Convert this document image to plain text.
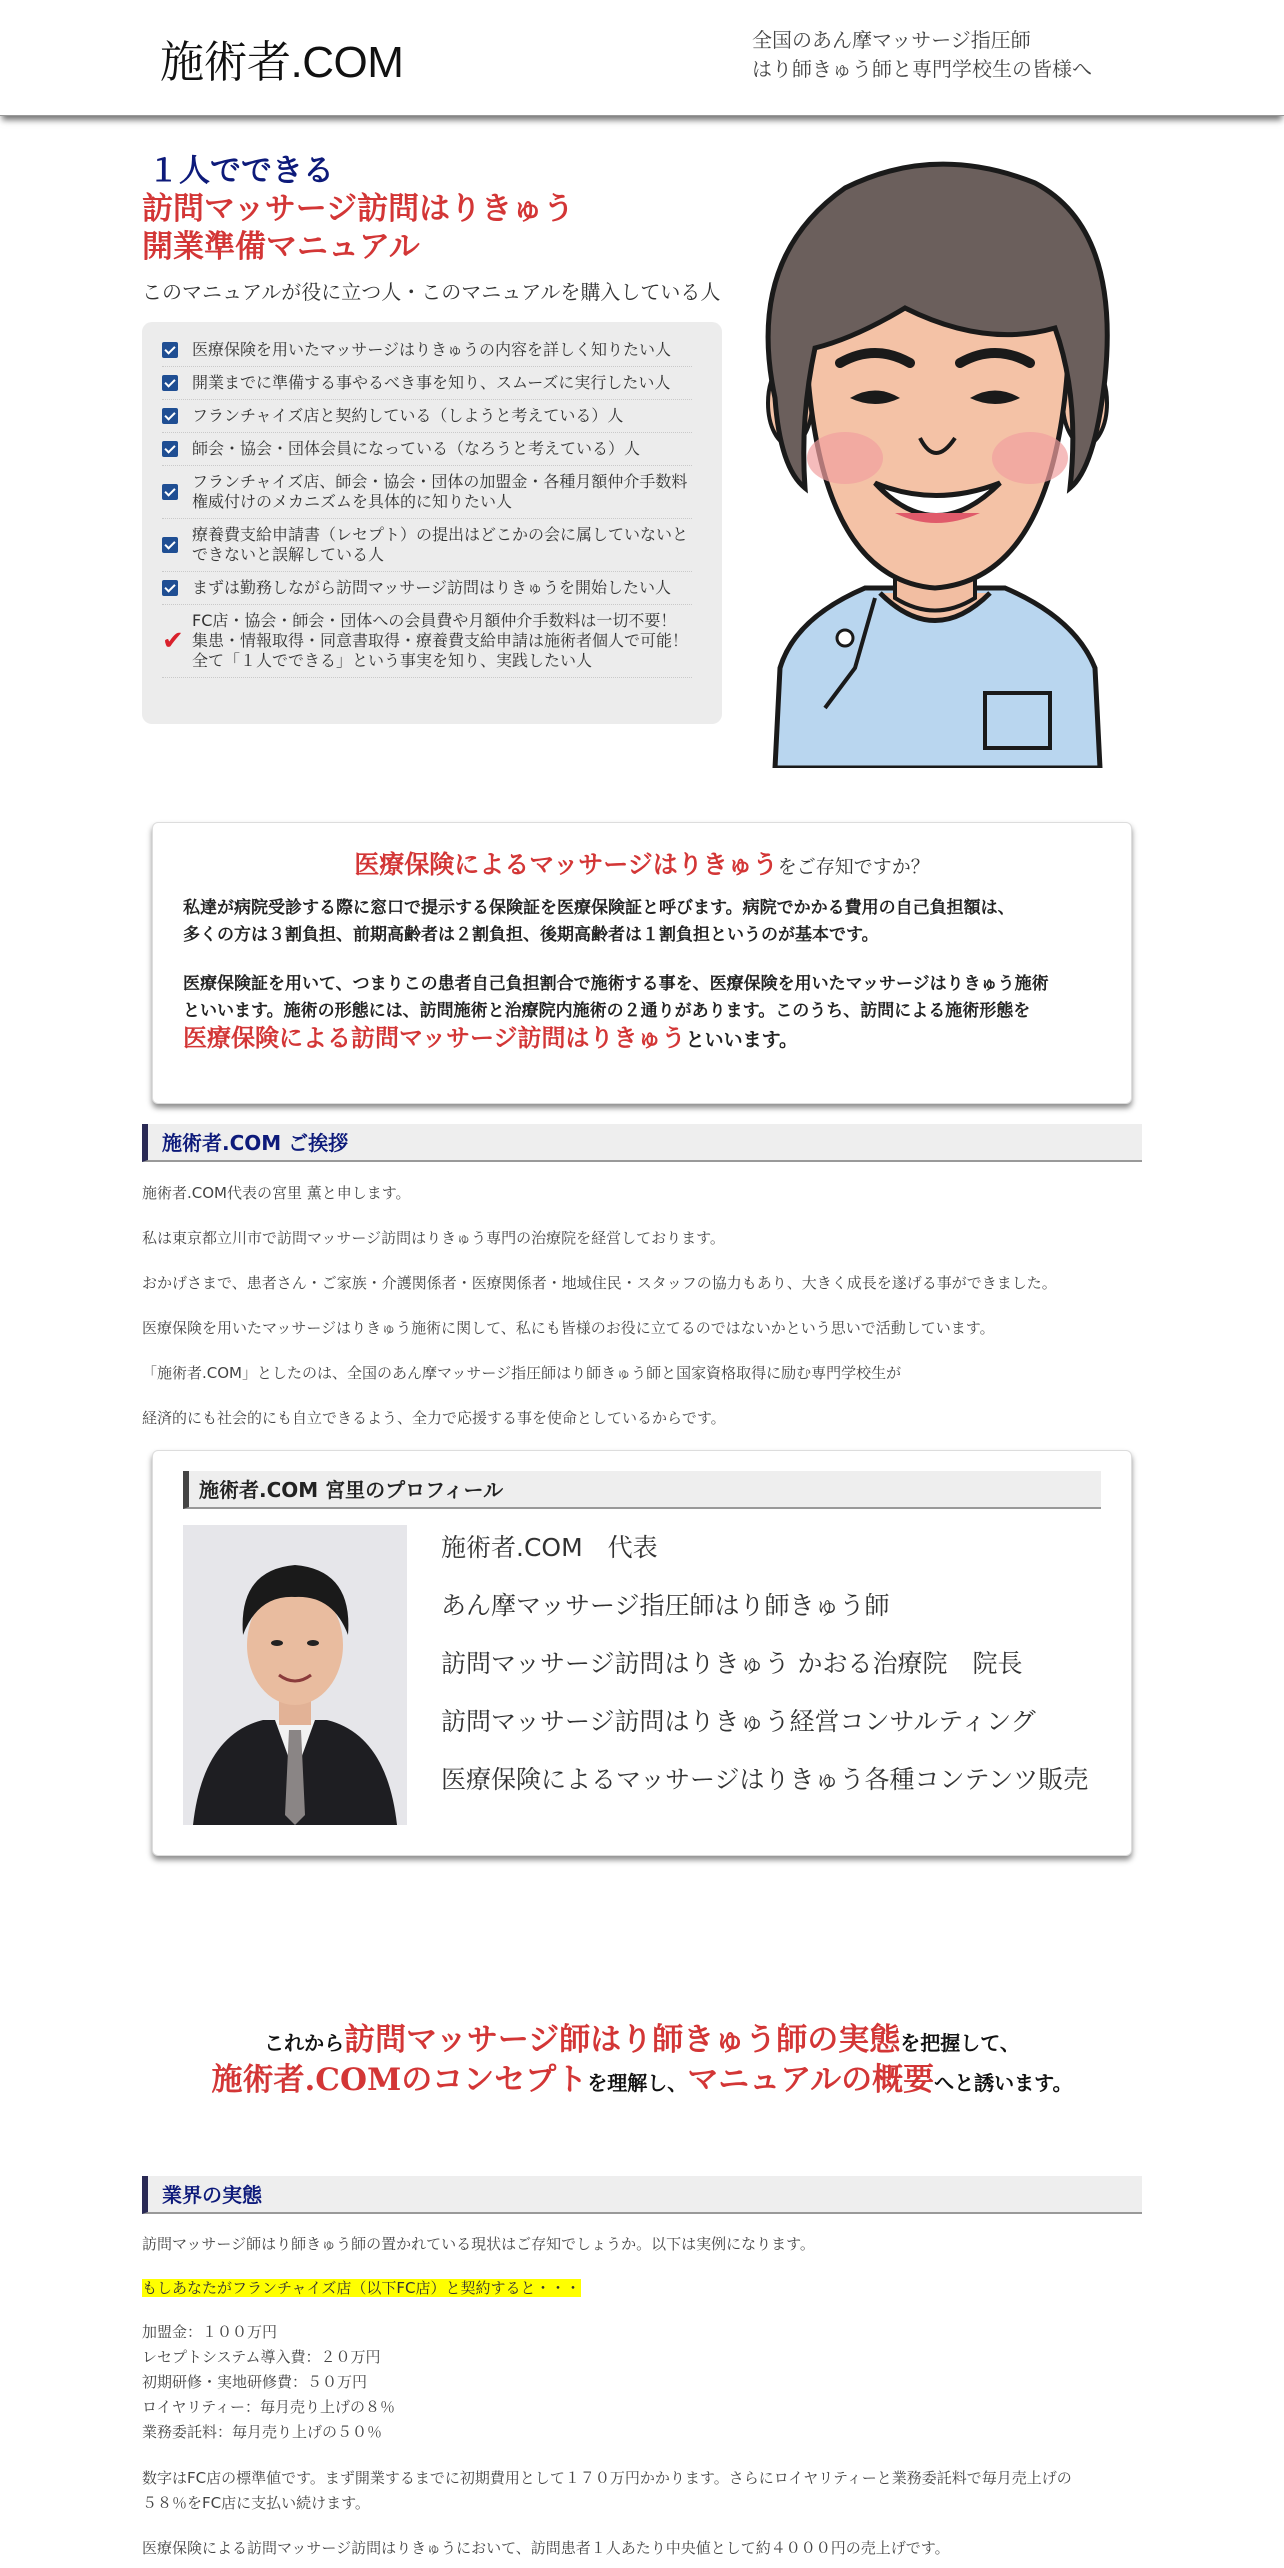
施術者.COM	全国のあん摩マッサージ指圧師
はり師きゅう師と専門学校生の皆様へ
１人でできる
訪問マッサージ訪問はりきゅう
開業準備マニュアル
このマニュアルが役に立つ人・このマニュアルを購入している人
医療保険を用いたマッサージはりきゅうの内容を詳しく知りたい人
開業までに準備する事やるべき事を知り、スムーズに実行したい人
フランチャイズ店と契約している（しようと考えている）人
師会・協会・団体会員になっている（なろうと考えている）人
フランチャイズ店、師会・協会・団体の加盟金・各種月額仲介手数料
権威付けのメカニズムを具体的に知りたい人
療養費支給申請書（レセプト）の提出はどこかの会に属していないと
できないと誤解している人
まずは勤務しながら訪問マッサージ訪問はりきゅうを開始したい人
✔
FC店・協会・師会・団体への会員費や月額仲介手数料は一切不要！
集患・情報取得・同意書取得・療養費支給申請は施術者個人で可能！
全て「１人でできる」という事実を知り、実践したい人
医療保険によるマッサージはりきゅうをご存知ですか？

私達が病院受診する際に窓口で提示する保険証を医療保険証と呼びます。病院でかかる費用の自己負担額は、
多くの方は３割負担、前期高齢者は２割負担、後期高齢者は１割負担というのが基本です。

医療保険証を用いて、つまりこの患者自己負担割合で施術する事を、医療保険を用いたマッサージはりきゅう施術
といいます。施術の形態には、訪問施術と治療院内施術の２通りがあります。このうち、訪問による施術形態を
医療保険による訪問マッサージ訪問はりきゅうといいます。

施術者.COM ご挨拶

施術者.COM代表の宮里 薫と申します。

私は東京都立川市で訪問マッサージ訪問はりきゅう専門の治療院を経営しております。

おかげさまで、患者さん・ご家族・介護関係者・医療関係者・地域住民・スタッフの協力もあり、大きく成長を遂げる事ができました。

医療保険を用いたマッサージはりきゅう施術に関して、私にも皆様のお役に立てるのではないかという思いで活動しています。

「施術者.COM」としたのは、全国のあん摩マッサージ指圧師はり師きゅう師と国家資格取得に励む専門学校生が

経済的にも社会的にも自立できるよう、全力で応援する事を使命としているからです。

施術者.COM 宮里のプロフィール
施術者.COM　代表
あん摩マッサージ指圧師はり師きゅう師
訪問マッサージ訪問はりきゅう かおる治療院　院長
訪問マッサージ訪問はりきゅう経営コンサルティング
医療保険によるマッサージはりきゅう各種コンテンツ販売
これから訪問マッサージ師はり師きゅう師の実態を把握して、
施術者.COMのコンセプトを理解し、マニュアルの概要へと誘います。
業界の実態

訪問マッサージ師はり師きゅう師の置かれている現状はご存知でしょうか。以下は実例になります。

もしあなたがフランチャイズ店（以下FC店）と契約すると・・・

加盟金：１００万円
レセプトシステム導入費：２０万円
初期研修・実地研修費：５０万円
ロイヤリティー：毎月売り上げの８％
業務委託料：毎月売り上げの５０％

数字はFC店の標準値です。まず開業するまでに初期費用として１７０万円かかります。さらにロイヤリティーと業務委託料で毎月売上げの
５８％をFC店に支払い続けます。

医療保険による訪問マッサージ訪問はりきゅうにおいて、訪問患者１人あたり中央値として約４０００円の売上げです。
